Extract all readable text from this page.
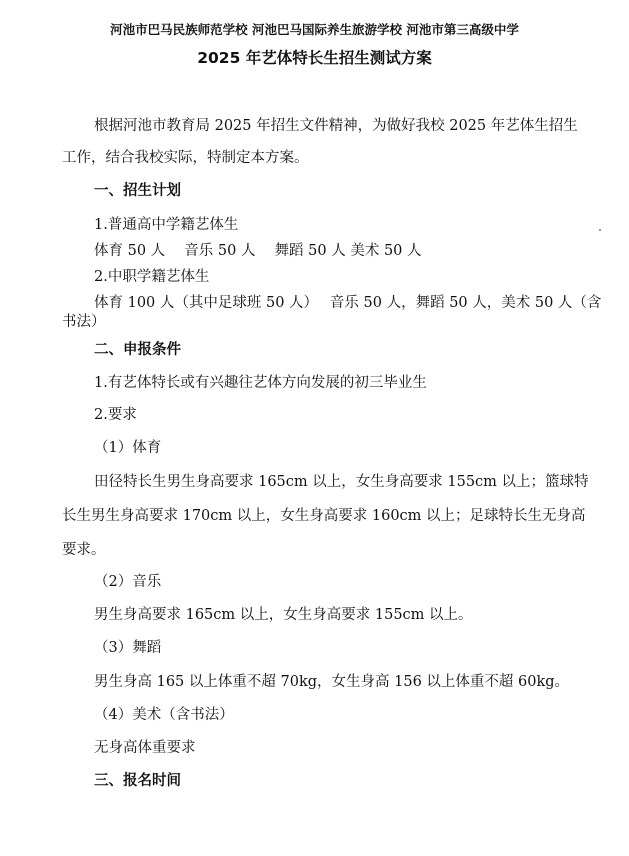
河池市巴马民族师范学校 河池巴马国际养生旅游学校 河池市第三高级中学
2025 年艺体特长生招生测试方案
根据河池市教育局 2025 年招生文件精神，为做好我校 2025 年艺体生招生
工作，结合我校实际，特制定本方案。
一、招生计划
1.普通高中学籍艺体生
体育 50 人　 音乐 50 人　 舞蹈 50 人 美术 50 人
2.中职学籍艺体生
体育 100 人（其中足球班 50 人）　 音乐 50 人，舞蹈 50 人，美术 50 人（含
书法）
二、申报条件
1.有艺体特长或有兴趣往艺体方向发展的初三毕业生
2.要求
（1）体育
田径特长生男生身高要求 165cm 以上，女生身高要求 155cm 以上；篮球特
长生男生身高要求 170cm 以上，女生身高要求 160cm 以上；足球特长生无身高
要求。
（2）音乐
男生身高要求 165cm 以上，女生身高要求 155cm 以上。
（3）舞蹈
男生身高 165 以上体重不超 70kg，女生身高 156 以上体重不超 60kg。
（4）美术（含书法）
无身高体重要求
三、报名时间
